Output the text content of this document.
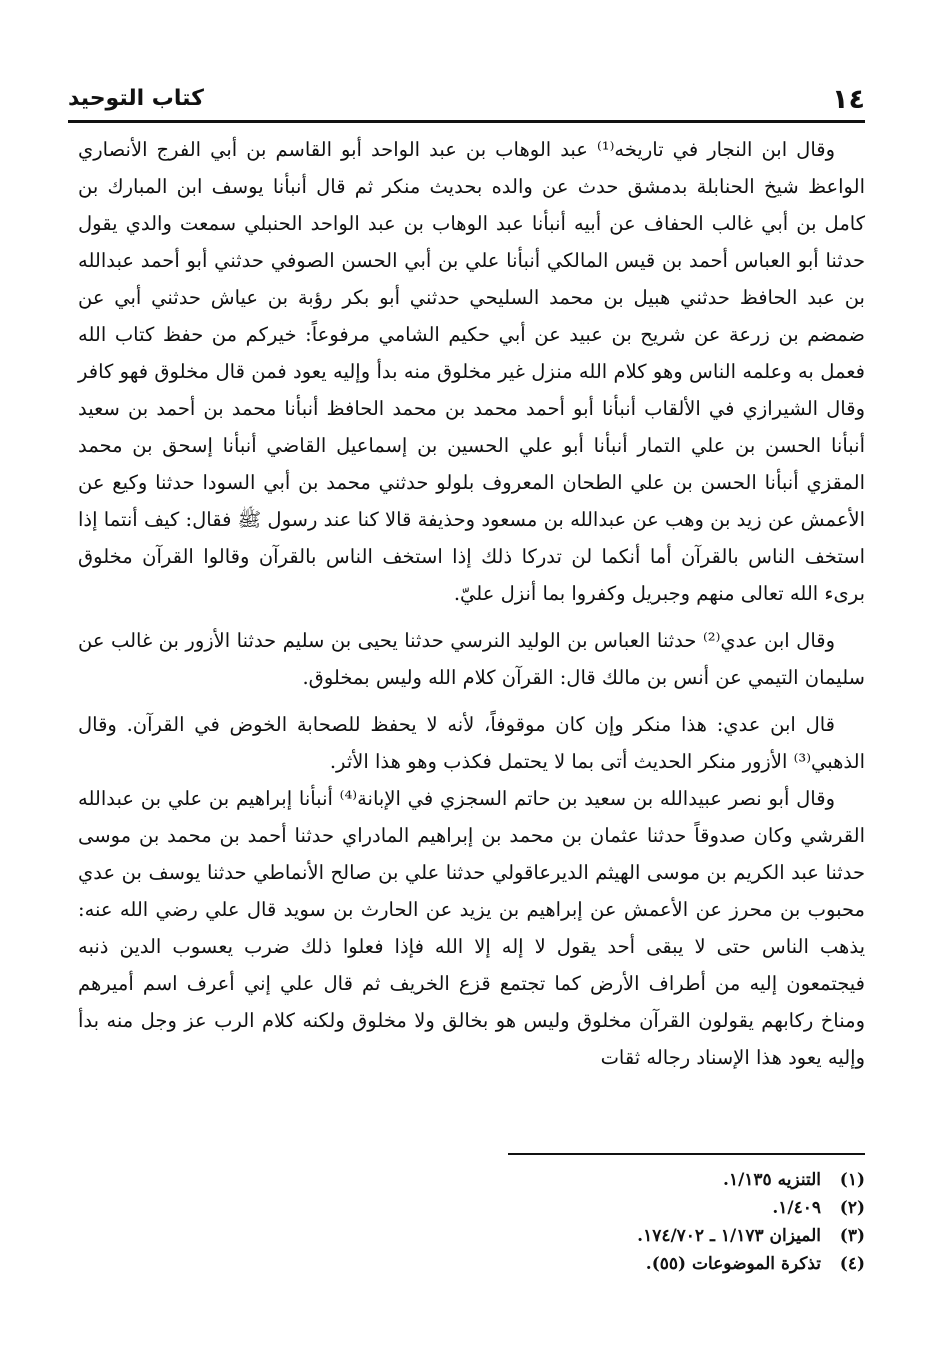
١٤
كتاب التوحيد

وقال ابن النجار في تاريخه⁽¹⁾ عبد الوهاب بن عبد الواحد أبو القاسم بن أبي الفرج الأنصاري الواعظ شيخ الحنابلة بدمشق حدث عن والده بحديث منكر ثم قال أنبأنا يوسف ابن المبارك بن كامل بن أبي غالب الحفاف عن أبيه أنبأنا عبد الوهاب بن عبد الواحد الحنبلي سمعت والدي يقول حدثنا أبو العباس أحمد بن قيس المالكي أنبأنا علي بن أبي الحسن الصوفي حدثني أبو أحمد عبدالله بن عبد الحافظ حدثني هبيل بن محمد السليحي حدثني أبو بكر رؤبة بن عياش حدثني أبي عن ضمضم بن زرعة عن شريح بن عبيد عن أبي حكيم الشامي مرفوعاً: خيركم من حفظ كتاب الله فعمل به وعلمه الناس وهو كلام الله منزل غير مخلوق منه بدأ وإليه يعود فمن قال مخلوق فهو كافر وقال الشيرازي في الألقاب أنبأنا أبو أحمد محمد بن محمد الحافظ أنبأنا محمد بن أحمد بن سعيد أنبأنا الحسن بن علي التمار أنبأنا أبو علي الحسين بن إسماعيل القاضي أنبأنا إسحق بن محمد المقزي أنبأنا الحسن بن علي الطحان المعروف بلولو حدثني محمد بن أبي السودا حدثنا وكيع عن الأعمش عن زيد بن وهب عن عبدالله بن مسعود وحذيفة قالا كنا عند رسول ﷺ فقال: كيف أنتما إذا استخف الناس بالقرآن أما أنكما لن تدركا ذلك إذا استخف الناس بالقرآن وقالوا القرآن مخلوق برىء الله تعالى منهم وجبريل وكفروا بما أنزل عليّ.

وقال ابن عدي⁽²⁾ حدثنا العباس بن الوليد النرسي حدثنا يحيى بن سليم حدثنا الأزور بن غالب عن سليمان التيمي عن أنس بن مالك قال: القرآن كلام الله وليس بمخلوق.

قال ابن عدي: هذا منكر وإن كان موقوفاً، لأنه لا يحفظ للصحابة الخوض في القرآن. وقال الذهبي⁽³⁾ الأزور منكر الحديث أتى بما لا يحتمل فكذب وهو هذا الأثر.

وقال أبو نصر عبيدالله بن سعيد بن حاتم السجزي في الإبانة⁽⁴⁾ أنبأنا إبراهيم بن علي بن عبدالله القرشي وكان صدوقاً حدثنا عثمان بن محمد بن إبراهيم المادراي حدثنا أحمد بن محمد بن موسى حدثنا عبد الكريم بن موسى الهيثم الديرعاقولي حدثنا علي بن صالح الأنماطي حدثنا يوسف بن عدي محبوب بن محرز عن الأعمش عن إبراهيم بن يزيد عن الحارث بن سويد قال علي رضي الله عنه: يذهب الناس حتى لا يبقى أحد يقول لا إله إلا الله فإذا فعلوا ذلك ضرب يعسوب الدين ذنبه فيجتمعون إليه من أطراف الأرض كما تجتمع قزع الخريف ثم قال علي إني أعرف اسم أميرهم ومناخ ركابهم يقولون القرآن مخلوق وليس هو بخالق ولا مخلوق ولكنه كلام الرب عز وجل منه بدأ وإليه يعود هذا الإسناد رجاله ثقات

(١)التنزيه ١/١٣٥.
(٢)١/٤٠٩.
(٣)الميزان ١/١٧٣ ـ ١٧٤/٧٠٢.
(٤)تذكرة الموضوعات (٥٥).
